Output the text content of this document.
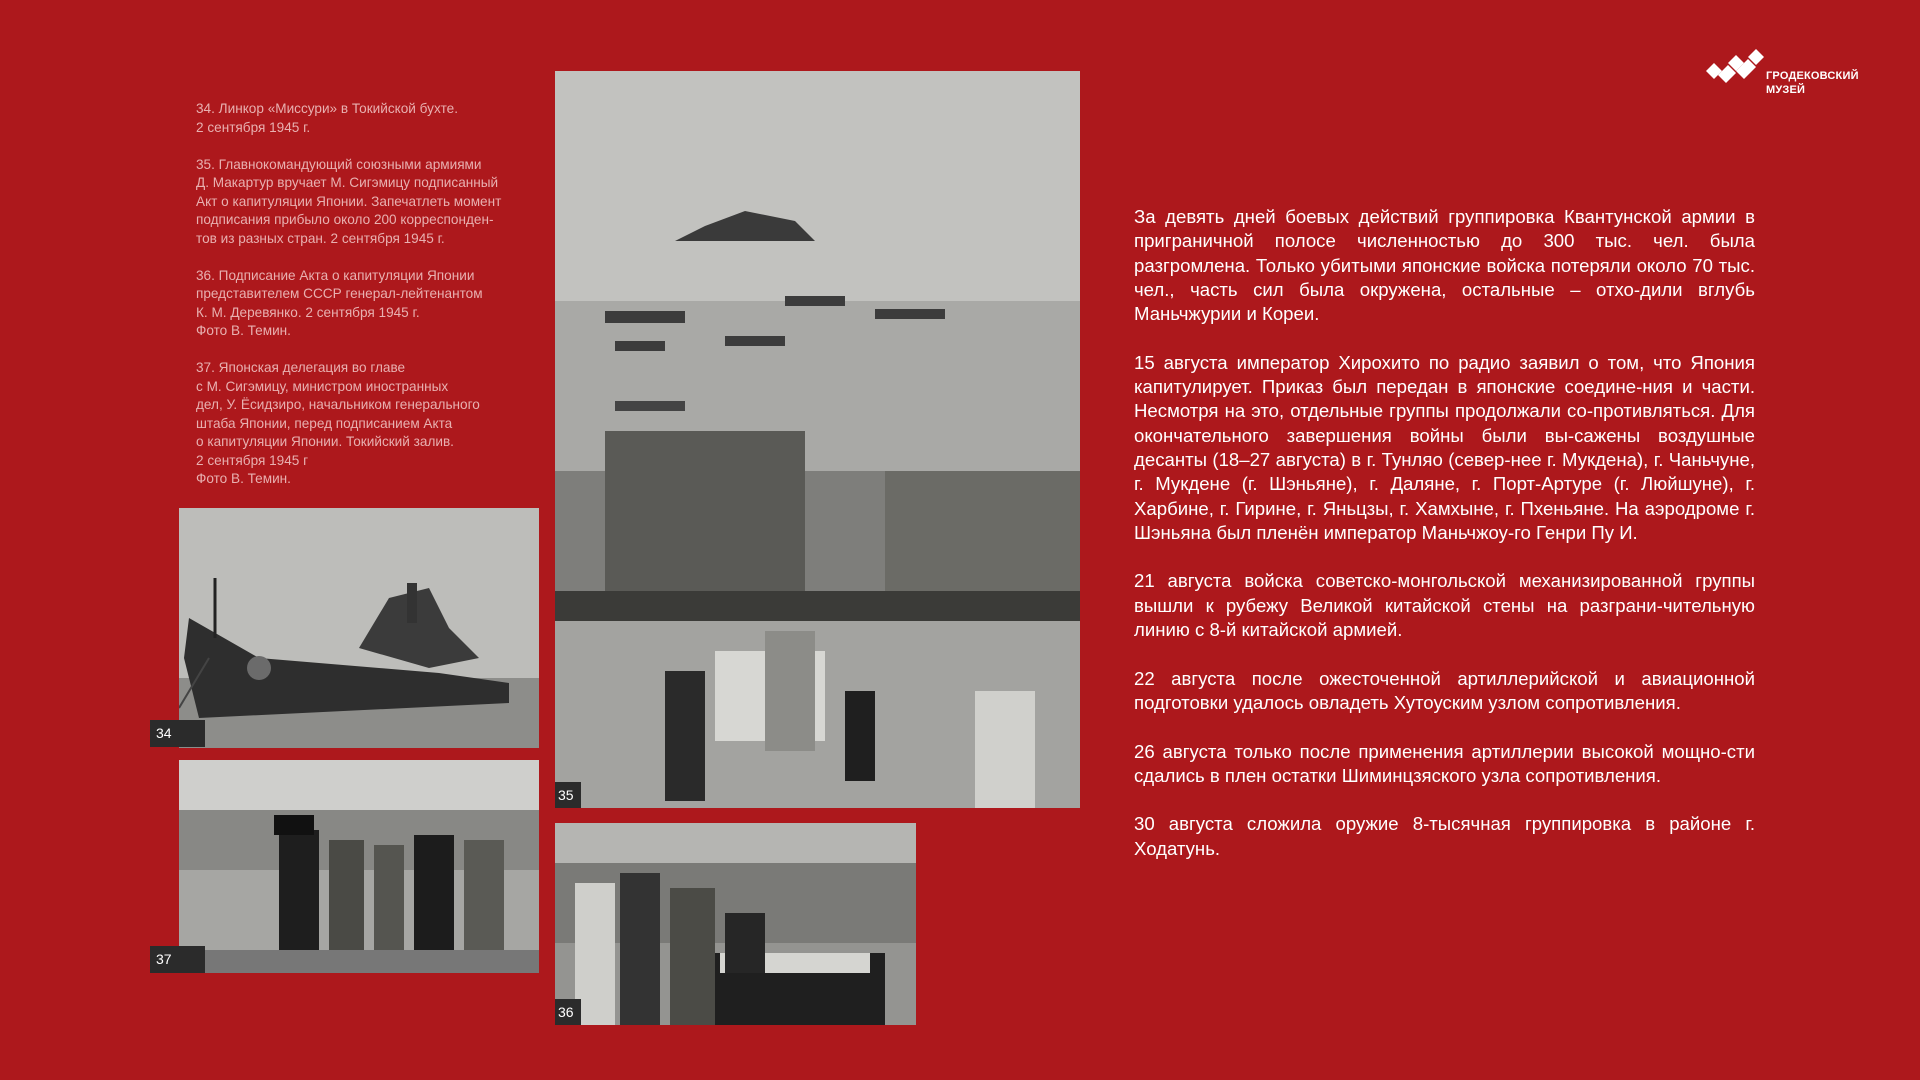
ГРОДЕКОВСКИЙ
МУЗЕЙ

34. Линкор «Миссури» в Токийской бухте.
2 сентября 1945 г.

35. Главнокомандующий союзными армиями
Д. Макартур вручает М. Сигэмицу подписанный
Акт о капитуляции Японии. Запечатлеть момент
подписания прибыло около 200 корреспонден-
тов из разных стран. 2 сентября 1945 г.

36. Подписание Акта о капитуляции Японии
представителем СССР генерал-лейтенантом
К. М. Деревянко. 2 сентября 1945 г.
Фото В. Темин.

37. Японская делегация во главе
с М. Сигэмицу, министром иностранных
дел, У. Ёсидзиро, начальником генерального
штаба Японии, перед подписанием Акта
о капитуляции Японии. Токийский залив.
2 сентября 1945 г
Фото В. Темин.

34
37
35
36

За девять дней боевых действий группировка Квантунской армии в приграничной полосе численностью до 300 тыс. чел. была разгромлена. Только убитыми японские войска потеряли около 70 тыс. чел., часть сил была окружена, остальные – отхо-дили вглубь Маньчжурии и Кореи.

15 августа император Хирохито по радио заявил о том, что Япония капитулирует. Приказ был передан в японские соедине-ния и части. Несмотря на это, отдельные группы продолжали со-противляться. Для окончательного завершения войны были вы-сажены воздушные десанты (18–27 августа) в г. Тунляо (север-нее г. Мукдена), г. Чаньчуне, г. Мукдене (г. Шэньяне), г. Даляне, г. Порт-Артуре (г. Люйшуне), г. Харбине, г. Гирине, г. Яньцзы, г. Хамхыне, г. Пхеньяне. На аэродроме г. Шэньяна был пленён император Маньчжоу-го Генри Пу И.

21 августа войска советско-монгольской механизированной группы вышли к рубежу Великой китайской стены на разграни-чительную линию с 8-й китайской армией.

22 августа после ожесточенной артиллерийской и авиационной подготовки удалось овладеть Хутоуским узлом сопротивления.

26 августа только после применения артиллерии высокой мощно-сти сдались в плен остатки Шиминцзяского узла сопротивления.

30 августа сложила оружие 8-тысячная группировка в районе г. Ходатунь.
